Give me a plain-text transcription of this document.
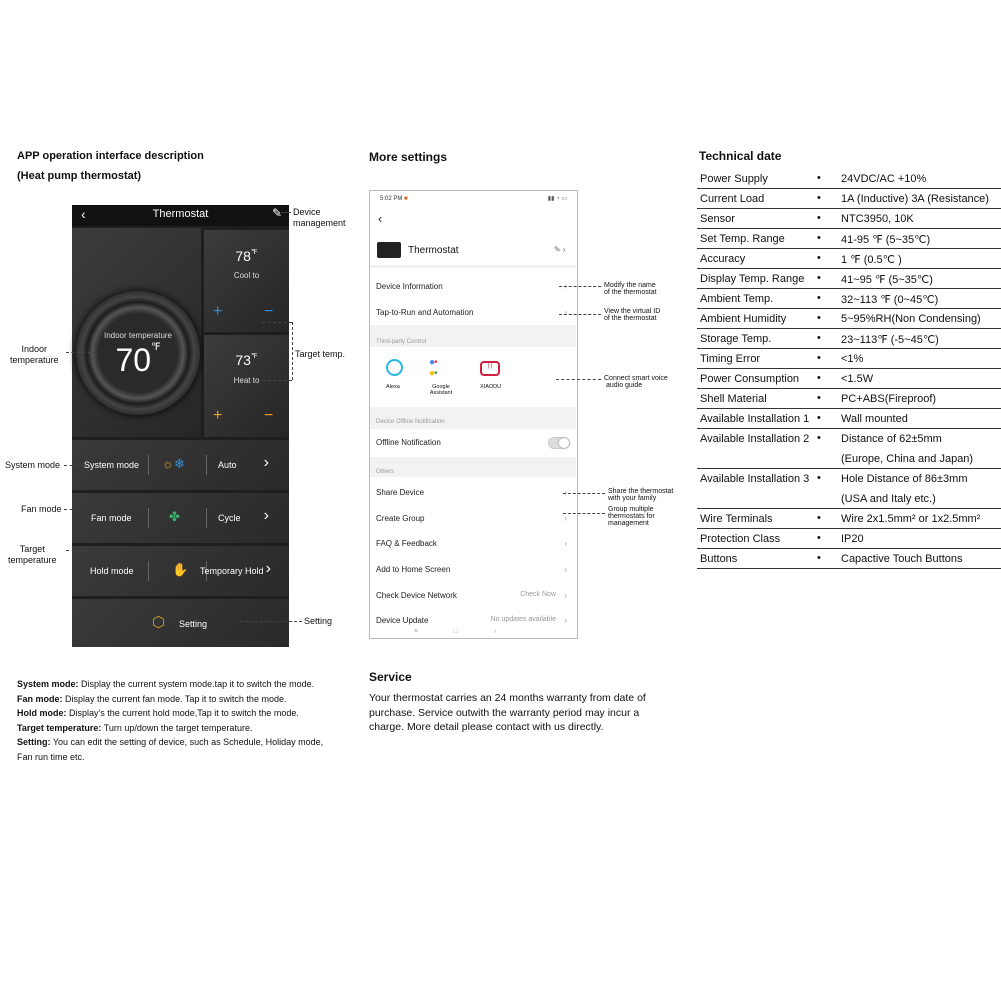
APP operation interface description
(Heat pump thermostat)
‹	Thermostat	✎
Indoor temperature
70℉
78℉
Cool to
+	−
73℉
Heat to
+	−
System mode ☼❄	Auto ›
Fan mode	✤	Cycle ›
Hold mode	✋ Temporary Hold ›
⬡ Setting
Device
management
Indoor
temperature
Target temp.
System mode
Fan mode
Target
temperature
Setting
System mode: Display the current system mode.tap it to switch the mode.
Fan mode: Display the current fan mode. Tap it to switch the mode.
Hold mode: Display's the current hold mode,Tap it to switch the mode.
Target temperature: Turn up/down the target temperature.
Setting: You can edit the setting of device, such as Schedule, Holiday mode, Fan run time etc.
More settings
5:02 PM ■	▮▮ ◔ ▭
‹
Thermostat	✎ ›
Device Information	›
Tap-to-Run and Automation	›
Third-party Control
Alexa
●•
●•
Google Assistant
|·|
XIAODU
Device Offline Notification
Offline Notification
Others
Share Device	›
Create Group	›
FAQ & Feedback	›
Add to Home Screen	›
Check Device Network	Check Now ›
Device Update	No updates available ›
≡□‹
Modify the name
of the thermostat
View the virtual ID
of the thermostat
Connect smart voice
audio guide
Share the thermostat
with your family
Group multiple
thermostats for
management
Service
Your thermostat carries an 24 months warranty from date of purchase. Service outwith the warranty period may incur a charge. More detail please contact with us directly.
Technical date
Power Supply	• 24VDC/AC +10%
Current Load	• 1A (Inductive) 3A (Resistance)
Sensor	• NTC3950, 10K
Set Temp. Range	• 41-95 ℉ (5~35℃)
Accuracy	• 1 ℉ (0.5℃ )
Display Temp. Range • 41~95 ℉ (5~35℃)
Ambient Temp.	• 32~113 ℉ (0~45℃)
Ambient Humidity	• 5~95%RH(Non Condensing)
Storage Temp.	• 23~113℉ (-5~45℃)
Timing Error	• <1%
Power Consumption • <1.5W
Shell Material	• PC+ABS(Fireproof)
Available Installation 1 • Wall mounted
Available Installation 2 • Distance of 62±5mm
(Europe, China and Japan)
Available Installation 3 • Hole Distance of 86±3mm
(USA and Italy etc.)
Wire Terminals	• Wire 2x1.5mm² or 1x2.5mm²
Protection Class	• IP20
Buttons	• Capactive Touch Buttons
